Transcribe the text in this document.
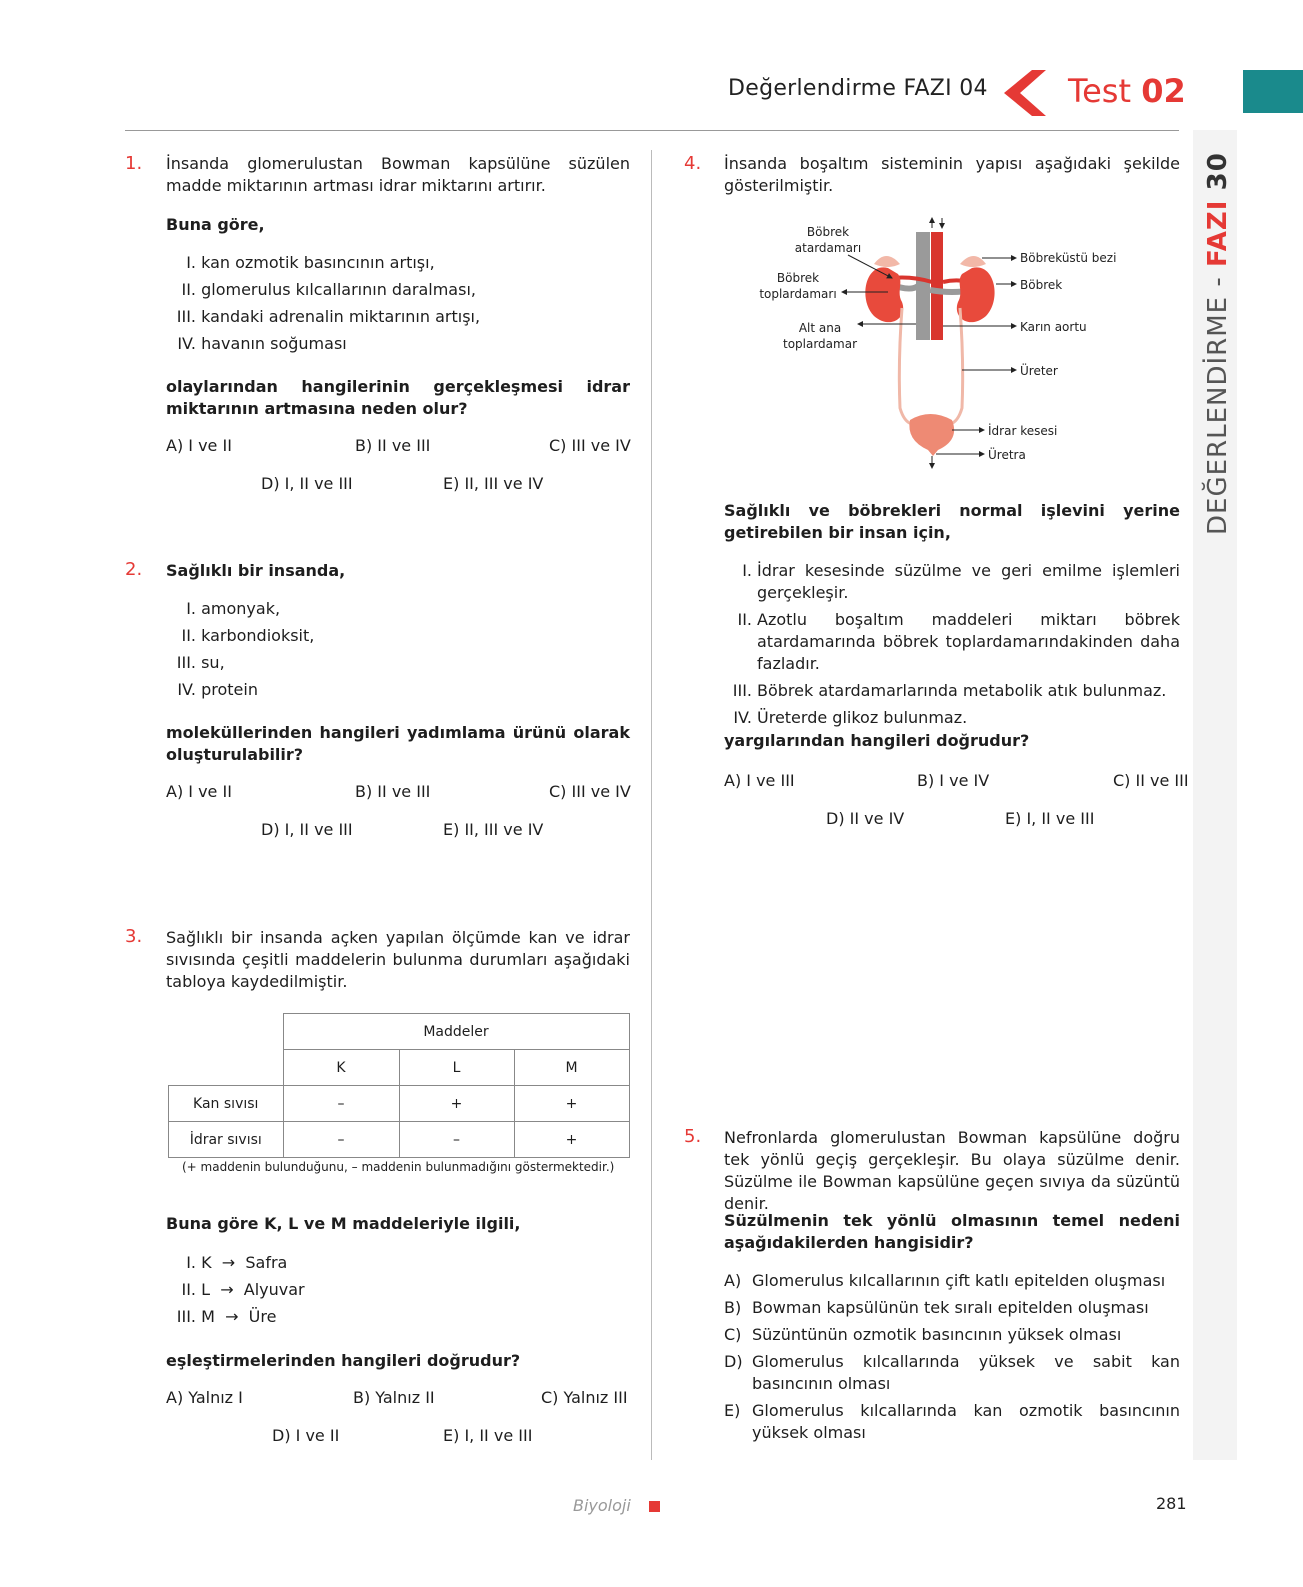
Değerlendirme FAZI 04	Test 02
DEĞERLENDİRME - FAZI 30
1. İnsanda glomerulustan Bowman kapsülüne süzülen madde miktarının artması idrar miktarını artırır.
Buna göre,
I. kan ozmotik basıncının artışı,
II. glomerulus kılcallarının daralması,
III. kandaki adrenalin miktarının artışı,
IV. havanın soğuması
olaylarından hangilerinin gerçekleşmesi idrar miktarının artmasına neden olur?
A) I ve II	B) II ve III	C) III ve IV
D) I, II ve III	E) II, III ve IV
2. Sağlıklı bir insanda,
I. amonyak,
II. karbondioksit,
III. su,
IV. protein
moleküllerinden hangileri yadımlama ürünü olarak oluşturulabilir?
A) I ve II	B) II ve III	C) III ve IV
D) I, II ve III	E) II, III ve IV
3. Sağlıklı bir insanda açken yapılan ölçümde kan ve idrar sıvısında çeşitli maddelerin bulunma durumları aşağıdaki tabloya kaydedilmiştir.
	Maddeler		
	K	L	M
Kan sıvısı	–	+	+
İdrar sıvısı	–	–	+
(+ maddenin bulunduğunu, – maddenin bulunmadığını göstermektedir.)
Buna göre K, L ve M maddeleriyle ilgili,
I. K  →  Safra
II. L  →  Alyuvar
III. M  →  Üre
eşleştirmelerinden hangileri doğrudur?
A) Yalnız I	B) Yalnız II	C) Yalnız III
D) I ve II	E) I, II ve III
4. İnsanda boşaltım sisteminin yapısı aşağıdaki şekilde gösterilmiştir.
Böbrek
atardamarı
Böbrek
toplardamarı
Alt ana
toplardamar
Böbreküstü bezi
Böbrek
Karın aortu
Üreter
İdrar kesesi
Üretra
Sağlıklı ve böbrekleri normal işlevini yerine getirebilen bir insan için,
I. İdrar kesesinde süzülme ve geri emilme işlemleri gerçekleşir.
II. Azotlu boşaltım maddeleri miktarı böbrek atardamarında böbrek toplardamarındakinden daha fazladır.
III. Böbrek atardamarlarında metabolik atık bulunmaz.
IV. Üreterde glikoz bulunmaz.
yargılarından hangileri doğrudur?
A) I ve III	B) I ve IV	C) II ve III
D) II ve IV	E) I, II ve III
5. Nefronlarda glomerulustan Bowman kapsülüne doğru tek yönlü geçiş gerçekleşir. Bu olaya süzülme denir. Süzülme ile Bowman kapsülüne geçen sıvıya da süzüntü denir.
Süzülmenin tek yönlü olmasının temel nedeni aşağıdakilerden hangisidir?
A) Glomerulus kılcallarının çift katlı epitelden oluşması
B) Bowman kapsülünün tek sıralı epitelden oluşması
C) Süzüntünün ozmotik basıncının yüksek olması
D) Glomerulus kılcallarında yüksek ve sabit kan basıncının olması
E) Glomerulus kılcallarında kan ozmotik basıncının yüksek olması
Biyoloji	281
